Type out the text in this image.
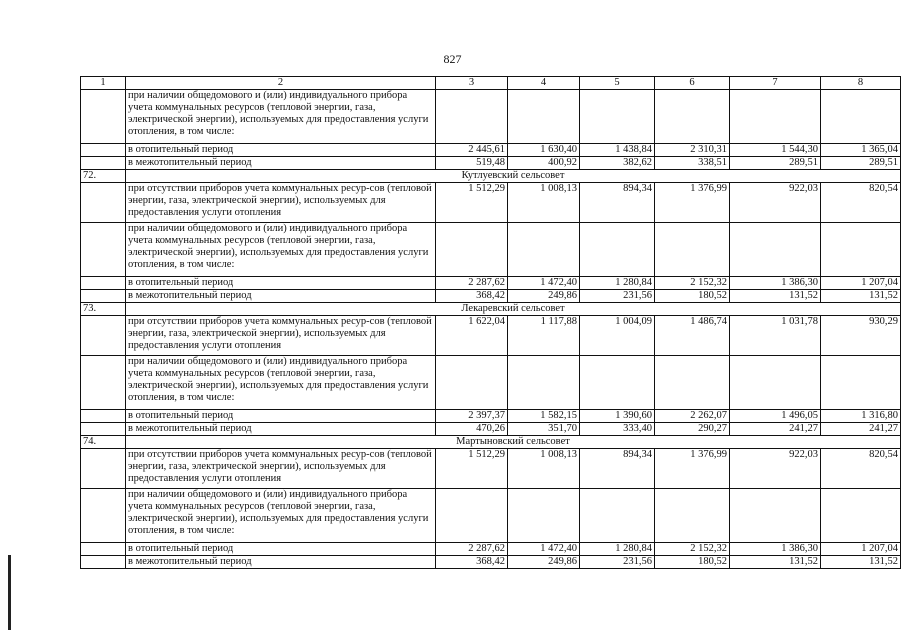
827
1	2	3	4	5	6	7	8
	при наличии общедомового и (или) индивидуального прибора учета коммунальных ресурсов (тепловой энергии, газа, электрической энергии), используемых для предоставления услуги отопления, в том числе:						
	в отопительный период	2 445,61	1 630,40	1 438,84	2 310,31	1 544,30	1 365,04
	в межотопительный период	519,48	400,92	382,62	338,51	289,51	289,51
72.	Кутлуевский сельсовет						
	при отсутствии приборов учета коммунальных ресур-сов (тепловой энергии, газа, электрической энергии), используемых для предоставления услуги отопления	1 512,29	1 008,13	894,34	1 376,99	922,03	820,54
	при наличии общедомового и (или) индивидуального прибора учета коммунальных ресурсов (тепловой энергии, газа, электрической энергии), используемых для предоставления услуги отопления, в том числе:						
	в отопительный период	2 287,62	1 472,40	1 280,84	2 152,32	1 386,30	1 207,04
	в межотопительный период	368,42	249,86	231,56	180,52	131,52	131,52
73.	Лекаревский сельсовет						
	при отсутствии приборов учета коммунальных ресур-сов (тепловой энергии, газа, электрической энергии), используемых для предоставления услуги отопления	1 622,04	1 117,88	1 004,09	1 486,74	1 031,78	930,29
	при наличии общедомового и (или) индивидуального прибора учета коммунальных ресурсов (тепловой энергии, газа, электрической энергии), используемых для предоставления услуги отопления, в том числе:						
	в отопительный период	2 397,37	1 582,15	1 390,60	2 262,07	1 496,05	1 316,80
	в межотопительный период	470,26	351,70	333,40	290,27	241,27	241,27
74.	Мартыновский сельсовет						
	при отсутствии приборов учета коммунальных ресур-сов (тепловой энергии, газа, электрической энергии), используемых для предоставления услуги отопления	1 512,29	1 008,13	894,34	1 376,99	922,03	820,54
	при наличии общедомового и (или) индивидуального прибора учета коммунальных ресурсов (тепловой энергии, газа, электрической энергии), используемых для предоставления услуги отопления, в том числе:						
	в отопительный период	2 287,62	1 472,40	1 280,84	2 152,32	1 386,30	1 207,04
	в межотопительный период	368,42	249,86	231,56	180,52	131,52	131,52
